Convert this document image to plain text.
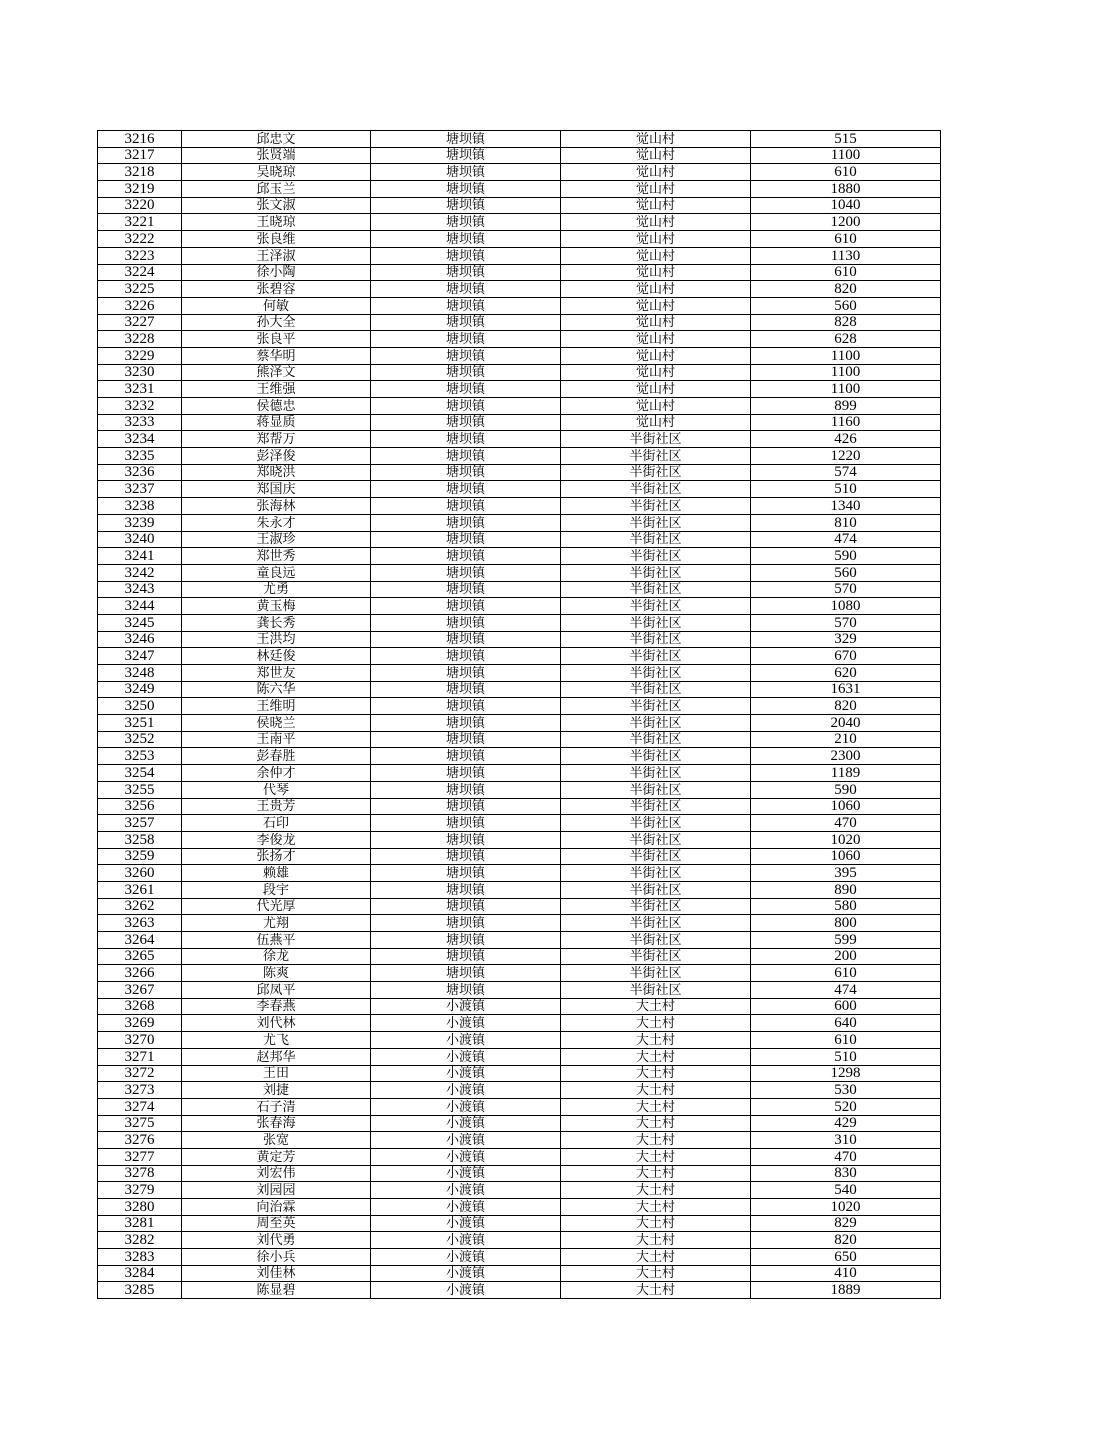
3216	邱忠文	塘坝镇	觉山村	515
3217	张贤端	塘坝镇	觉山村	1100
3218	吴晓琼	塘坝镇	觉山村	610
3219	邱玉兰	塘坝镇	觉山村	1880
3220	张文淑	塘坝镇	觉山村	1040
3221	王晓琼	塘坝镇	觉山村	1200
3222	张良维	塘坝镇	觉山村	610
3223	王泽淑	塘坝镇	觉山村	1130
3224	徐小陶	塘坝镇	觉山村	610
3225	张碧容	塘坝镇	觉山村	820
3226	何敏	塘坝镇	觉山村	560
3227	孙大全	塘坝镇	觉山村	828
3228	张良平	塘坝镇	觉山村	628
3229	蔡华明	塘坝镇	觉山村	1100
3230	熊泽文	塘坝镇	觉山村	1100
3231	王维强	塘坝镇	觉山村	1100
3232	侯德忠	塘坝镇	觉山村	899
3233	蒋显质	塘坝镇	觉山村	1160
3234	郑帮万	塘坝镇	半街社区	426
3235	彭泽俊	塘坝镇	半街社区	1220
3236	郑晓洪	塘坝镇	半街社区	574
3237	郑国庆	塘坝镇	半街社区	510
3238	张海林	塘坝镇	半街社区	1340
3239	朱永才	塘坝镇	半街社区	810
3240	王淑珍	塘坝镇	半街社区	474
3241	郑世秀	塘坝镇	半街社区	590
3242	童良远	塘坝镇	半街社区	560
3243	尤勇	塘坝镇	半街社区	570
3244	黄玉梅	塘坝镇	半街社区	1080
3245	龚长秀	塘坝镇	半街社区	570
3246	王洪均	塘坝镇	半街社区	329
3247	林廷俊	塘坝镇	半街社区	670
3248	郑世友	塘坝镇	半街社区	620
3249	陈六华	塘坝镇	半街社区	1631
3250	王维明	塘坝镇	半街社区	820
3251	侯晓兰	塘坝镇	半街社区	2040
3252	王南平	塘坝镇	半街社区	210
3253	彭春胜	塘坝镇	半街社区	2300
3254	余仲才	塘坝镇	半街社区	1189
3255	代琴	塘坝镇	半街社区	590
3256	王贵芳	塘坝镇	半街社区	1060
3257	石印	塘坝镇	半街社区	470
3258	李俊龙	塘坝镇	半街社区	1020
3259	张扬才	塘坝镇	半街社区	1060
3260	赖雄	塘坝镇	半街社区	395
3261	段宇	塘坝镇	半街社区	890
3262	代光厚	塘坝镇	半街社区	580
3263	尤翔	塘坝镇	半街社区	800
3264	伍燕平	塘坝镇	半街社区	599
3265	徐龙	塘坝镇	半街社区	200
3266	陈爽	塘坝镇	半街社区	610
3267	邱凤平	塘坝镇	半街社区	474
3268	李春燕	小渡镇	大土村	600
3269	刘代林	小渡镇	大土村	640
3270	尤飞	小渡镇	大土村	610
3271	赵邦华	小渡镇	大土村	510
3272	王田	小渡镇	大土村	1298
3273	刘捷	小渡镇	大土村	530
3274	石子清	小渡镇	大土村	520
3275	张春海	小渡镇	大土村	429
3276	张宽	小渡镇	大土村	310
3277	黄定芳	小渡镇	大土村	470
3278	刘宏伟	小渡镇	大土村	830
3279	刘园园	小渡镇	大土村	540
3280	向治霖	小渡镇	大土村	1020
3281	周至英	小渡镇	大土村	829
3282	刘代勇	小渡镇	大土村	820
3283	徐小兵	小渡镇	大土村	650
3284	刘佳林	小渡镇	大土村	410
3285	陈显碧	小渡镇	大土村	1889
